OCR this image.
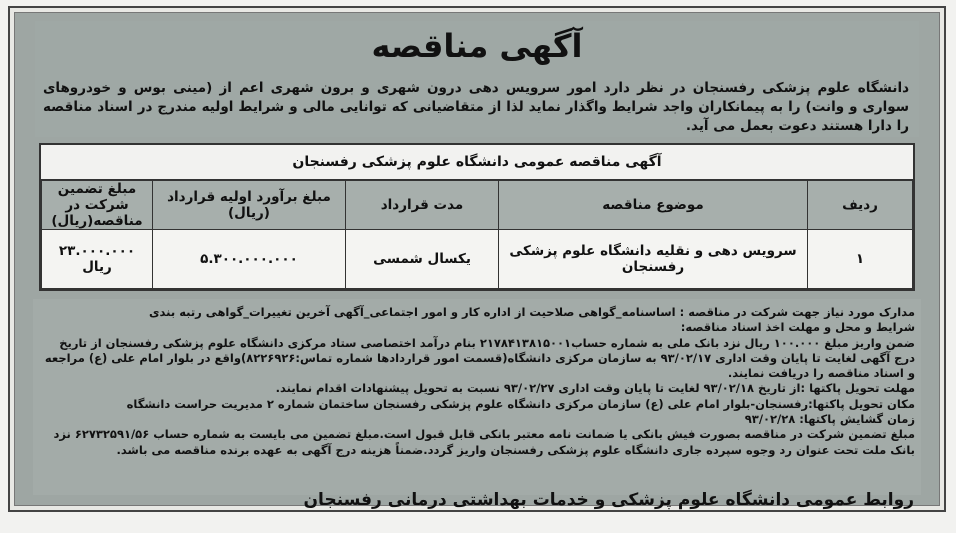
آگهی مناقصه
دانشگاه علوم پزشکی رفسنجان در نظر دارد امور سرویس دهی درون شهری و برون شهری اعم از (مینی بوس و خودروهای سواری و وانت) را به پیمانکاران واجد شرایط واگذار نماید لذا از متقاضیانی که توانایی مالی و شرایط اولیه مندرج در اسناد مناقصه را دارا هستند دعوت بعمل می آید.
آگهی مناقصه عمومی دانشگاه علوم پزشکی رفسنجان
ردیف	موضوع مناقصه	مدت قرارداد	مبلغ برآورد اولیه قرارداد (ریال)	مبلغ تضمین شرکت در مناقصه(ریال)
۱	سرویس دهی و نقلیه دانشگاه علوم پزشکی رفسنجان	یکسال شمسی	۵.۳۰۰.۰۰۰.۰۰۰	۲۳.۰۰۰.۰۰۰ ریال

مدارک مورد نیاز جهت شرکت در مناقصه : اساسنامه_گواهی صلاحیت از اداره کار و امور اجتماعی_آگهی آخرین تغییرات_گواهی رتبه بندی

شرایط و محل و مهلت اخذ اسناد مناقصه:

ضمن واریز مبلغ ۱۰۰.۰۰۰ ریال نزد بانک ملی به شماره حساب۲۱۷۸۴۱۳۸۱۵۰۰۱ بنام درآمد اختصاصی ستاد مرکزی دانشگاه علوم پزشکی رفسنجان از تاریخ درج آگهی لغایت تا پایان وقت اداری ۹۳/۰۲/۱۷ به سازمان مرکزی دانشگاه(قسمت امور قراردادها شماره تماس:۸۲۲۶۹۲۶)واقع در بلوار امام علی (ع) مراجعه و اسناد مناقصه را دریافت نمایند.

مهلت تحویل پاکتها :از تاریخ ۹۳/۰۲/۱۸ لغایت تا پایان وقت اداری ۹۳/۰۲/۲۷ نسبت به تحویل پیشنهادات اقدام نمایند.

مکان تحویل پاکتها:رفسنجان-بلوار امام علی (ع) سازمان مرکزی دانشگاه علوم پزشکی رفسنجان ساختمان شماره ۲ مدیریت حراست دانشگاه

زمان گشایش پاکتها: ۹۳/۰۲/۲۸

مبلغ تضمین شرکت در مناقصه بصورت فیش بانکی یا ضمانت نامه معتبر بانکی قابل قبول است.مبلغ تضمین می بایست به شماره حساب ۶۲۷۳۲۵۹۱/۵۶ نزد بانک ملت تحت عنوان رد وجوه سپرده جاری دانشگاه علوم پزشکی رفسنجان واریز گردد.ضمناً هزینه درج آگهی به عهده برنده مناقصه می باشد.

روابط عمومی دانشگاه علوم پزشکی و خدمات بهداشتی درمانی رفسنجان
